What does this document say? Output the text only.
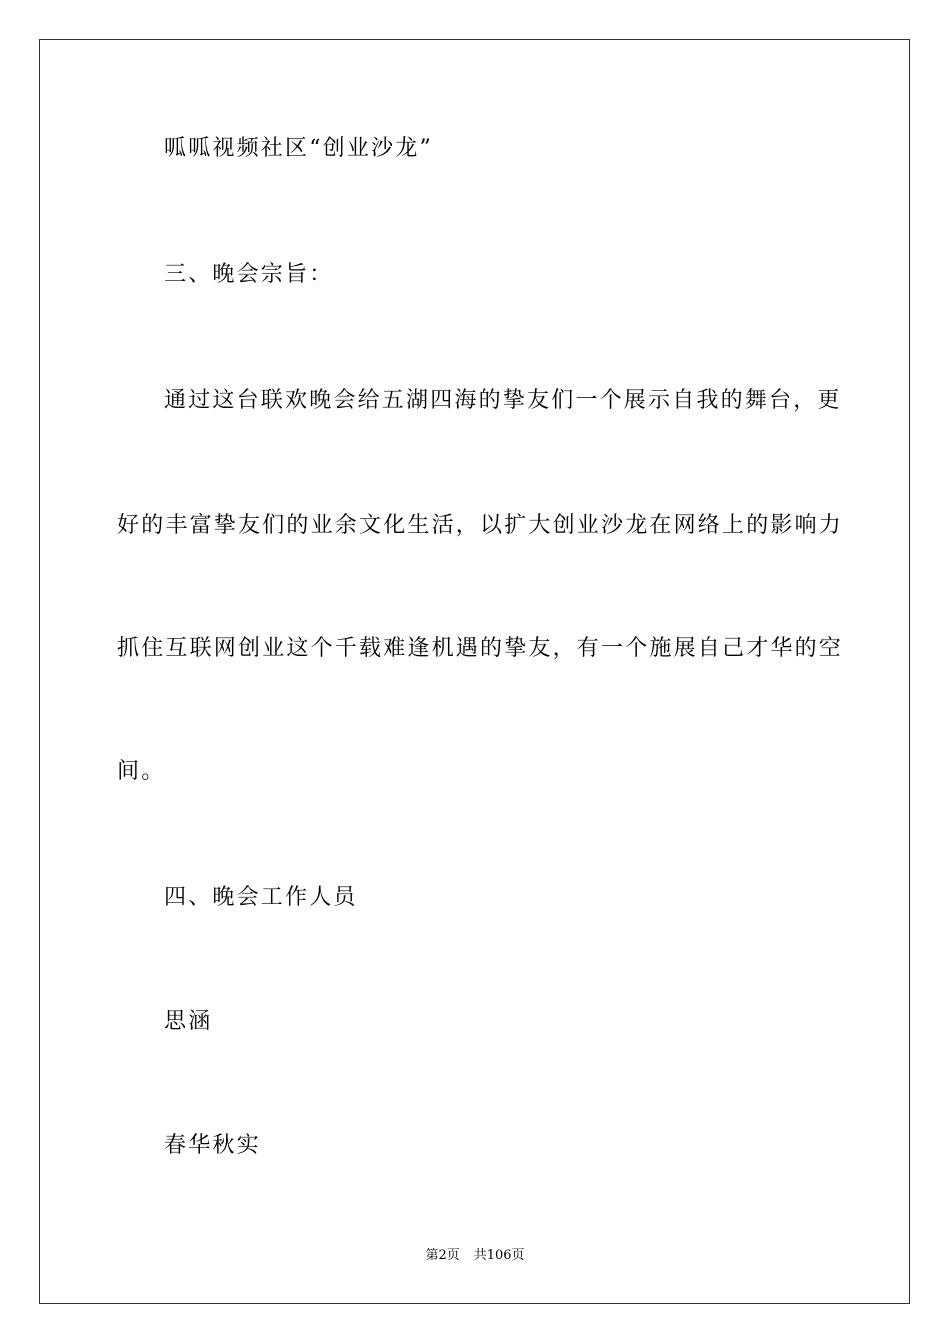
呱呱视频社区“创业沙龙”
三、晚会宗旨：
通过这台联欢晚会给五湖四海的挚友们一个展示自我的舞台，更
好的丰富挚友们的业余文化生活，以扩大创业沙龙在网络上的影响力
抓住互联网创业这个千载难逢机遇的挚友，有一个施展自己才华的空
间。
四、晚会工作人员
思涵
春华秋实
第2页 共106页
